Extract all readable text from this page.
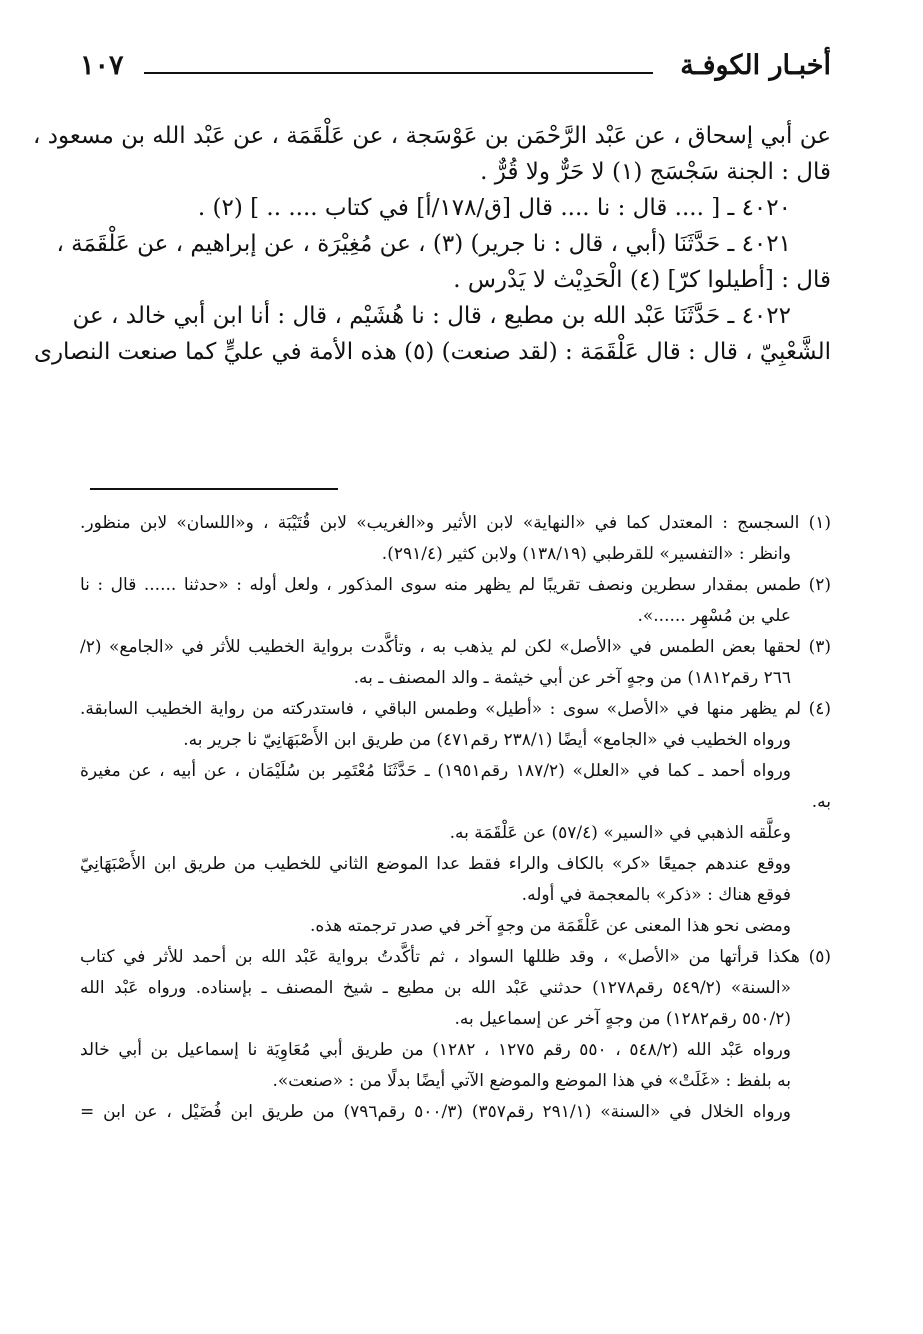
أخبـار الكوفـة
١٠٧
عن أبي إسحاق ، عن عَبْد الرَّحْمَن بن عَوْسَجة ، عن عَلْقَمَة ، عن عَبْد الله بن مسعود ،
قال : الجنة سَجْسَج (١) لا حَرٌّ ولا قُرٌّ .
٤٠٢٠ ـ [ .... قال : نا .... قال [ق/١٧٨/أ] في كتاب .... .. ] (٢) .
٤٠٢١ ـ حَدَّثَنَا (أبي ، قال : نا جرير) (٣) ، عن مُغِيْرَة ، عن إبراهيم ، عن عَلْقَمَة ،
قال : [أطيلوا كرّ] (٤) الْحَدِيْث لا يَدْرس .
٤٠٢٢ ـ حَدَّثَنَا عَبْد الله بن مطيع ، قال : نا هُشَيْم ، قال : أنا ابن أبي خالد ، عن
الشَّعْبِيّ ، قال : قال عَلْقَمَة : (لقد صنعت) (٥) هذه الأمة في عليٍّ كما صنعت النصارى
(١) السجسج : المعتدل كما في «النهاية» لابن الأثير و«الغريب» لابن قُتَيْبَة ، و«اللسان» لابن منظور.
وانظر : «التفسير» للقرطبي (١٣٨/١٩) ولابن كثير (٢٩١/٤).
(٢) طمس بمقدار سطرين ونصف تقريبًا لم يظهر منه سوى المذكور ، ولعل أوله : «حدثنا ...... قال : نا
علي بن مُسْهِر ......».
(٣) لحقها بعض الطمس في «الأصل» لكن لم يذهب به ، وتأكَّدت برواية الخطيب للأثر في «الجامع» (٢/
٢٦٦ رقم١٨١٢) من وجهٍ آخر عن أبي خيثمة ـ والد المصنف ـ به.
(٤) لم يظهر منها في «الأصل» سوى : «أطيل» وطمس الباقي ، فاستدركته من رواية الخطيب السابقة.
ورواه الخطيب في «الجامع» أيضًا (٢٣٨/١ رقم٤٧١) من طريق ابن الأَصْبَهَانِيّ نا جرير به.
ورواه أحمد ـ كما في «العلل» (١٨٧/٢ رقم١٩٥١) ـ حَدَّثَنَا مُعْتَمِر بن سُلَيْمَان ، عن أبيه ، عن مغيرة
به.
وعلَّقه الذهبي في «السير» (٥٧/٤) عن عَلْقَمَة به.
ووقع عندهم جميعًا «كر» بالكاف والراء فقط عدا الموضع الثاني للخطيب من طريق ابن الأَصْبَهَانِيّ
فوقع هناك : «ذكر» بالمعجمة في أوله.
ومضى نحو هذا المعنى عن عَلْقَمَة من وجهٍ آخر في صدر ترجمته هذه.
(٥) هكذا قرأتها من «الأصل» ، وقد ظللها السواد ، ثم تأكَّدتُ برواية عَبْد الله بن أحمد للأثر في كتاب
«السنة» (٥٤٩/٢ رقم١٢٧٨) حدثني عَبْد الله بن مطيع ـ شيخ المصنف ـ بإسناده. ورواه عَبْد الله
(٥٥٠/٢ رقم١٢٨٢) من وجهٍ آخر عن إسماعيل به.
ورواه عَبْد الله (٥٤٨/٢ ، ٥٥٠ رقم ١٢٧٥ ، ١٢٨٢) من طريق أبي مُعَاوِيَة نا إسماعيل بن أبي خالد
به بلفظ : «غَلَتْ» في هذا الموضع والموضع الآتي أيضًا بدلًا من : «صنعت».
ورواه الخلال في «السنة» (٢٩١/١ رقم٣٥٧) (٥٠٠/٣ رقم٧٩٦) من طريق ابن فُضَيْل ، عن ابن =
